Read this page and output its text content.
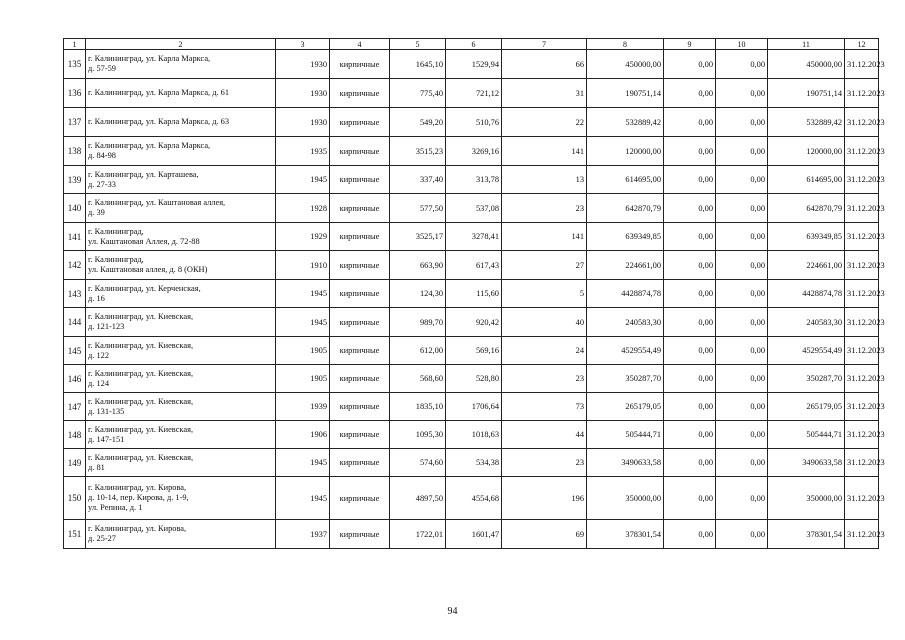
1	2	3	4	5	6	7	8	9	10	11	12
135	г. Калининград, ул. Карла Маркса,
д. 57-59	1930	кирпичные	1645,10	1529,94	66	450000,00	0,00	0,00	450000,00	31.12.2023
136	г. Калининград, ул. Карла Маркса, д. 61	1930	кирпичные	775,40	721,12	31	190751,14	0,00	0,00	190751,14	31.12.2023
137	г. Калининград, ул. Карла Маркса, д. 63	1930	кирпичные	549,20	510,76	22	532889,42	0,00	0,00	532889,42	31.12.2023
138	г. Калининград, ул. Карла Маркса,
д. 84-98	1935	кирпичные	3515,23	3269,16	141	120000,00	0,00	0,00	120000,00	31.12.2023
139	г. Калининград, ул. Карташева,
д. 27-33	1945	кирпичные	337,40	313,78	13	614695,00	0,00	0,00	614695,00	31.12.2023
140	г. Калининград, ул. Каштановая аллея,
д. 39	1928	кирпичные	577,50	537,08	23	642870,79	0,00	0,00	642870,79	31.12.2023
141	г. Калининград,
ул. Каштановая Аллея, д. 72-88	1929	кирпичные	3525,17	3278,41	141	639349,85	0,00	0,00	639349,85	31.12.2023
142	г. Калининград,
ул. Каштановая аллея, д. 8 (ОКН)	1910	кирпичные	663,90	617,43	27	224661,00	0,00	0,00	224661,00	31.12.2023
143	г. Калининград, ул. Керченская,
д. 16	1945	кирпичные	124,30	115,60	5	4428874,78	0,00	0,00	4428874,78	31.12.2023
144	г. Калининград, ул. Киевская,
д. 121-123	1945	кирпичные	989,70	920,42	40	240583,30	0,00	0,00	240583,30	31.12.2023
145	г. Калининград, ул. Киевская,
д. 122	1905	кирпичные	612,00	569,16	24	4529554,49	0,00	0,00	4529554,49	31.12.2023
146	г. Калининград, ул. Киевская,
д. 124	1905	кирпичные	568,60	528,80	23	350287,70	0,00	0,00	350287,70	31.12.2023
147	г. Калининград, ул. Киевская,
д. 131-135	1939	кирпичные	1835,10	1706,64	73	265179,05	0,00	0,00	265179,05	31.12.2023
148	г. Калининград, ул. Киевская,
д. 147-151	1906	кирпичные	1095,30	1018,63	44	505444,71	0,00	0,00	505444,71	31.12.2023
149	г. Калининград, ул. Киевская,
д. 81	1945	кирпичные	574,60	534,38	23	3490633,58	0,00	0,00	3490633,58	31.12.2023
150	г. Калининград, ул. Кирова,
д. 10-14, пер. Кирова, д. 1-9,
ул. Репина, д. 1	1945	кирпичные	4897,50	4554,68	196	350000,00	0,00	0,00	350000,00	31.12.2023
151	г. Калининград, ул. Кирова,
д. 25-27	1937	кирпичные	1722,01	1601,47	69	378301,54	0,00	0,00	378301,54	31.12.2023
94
